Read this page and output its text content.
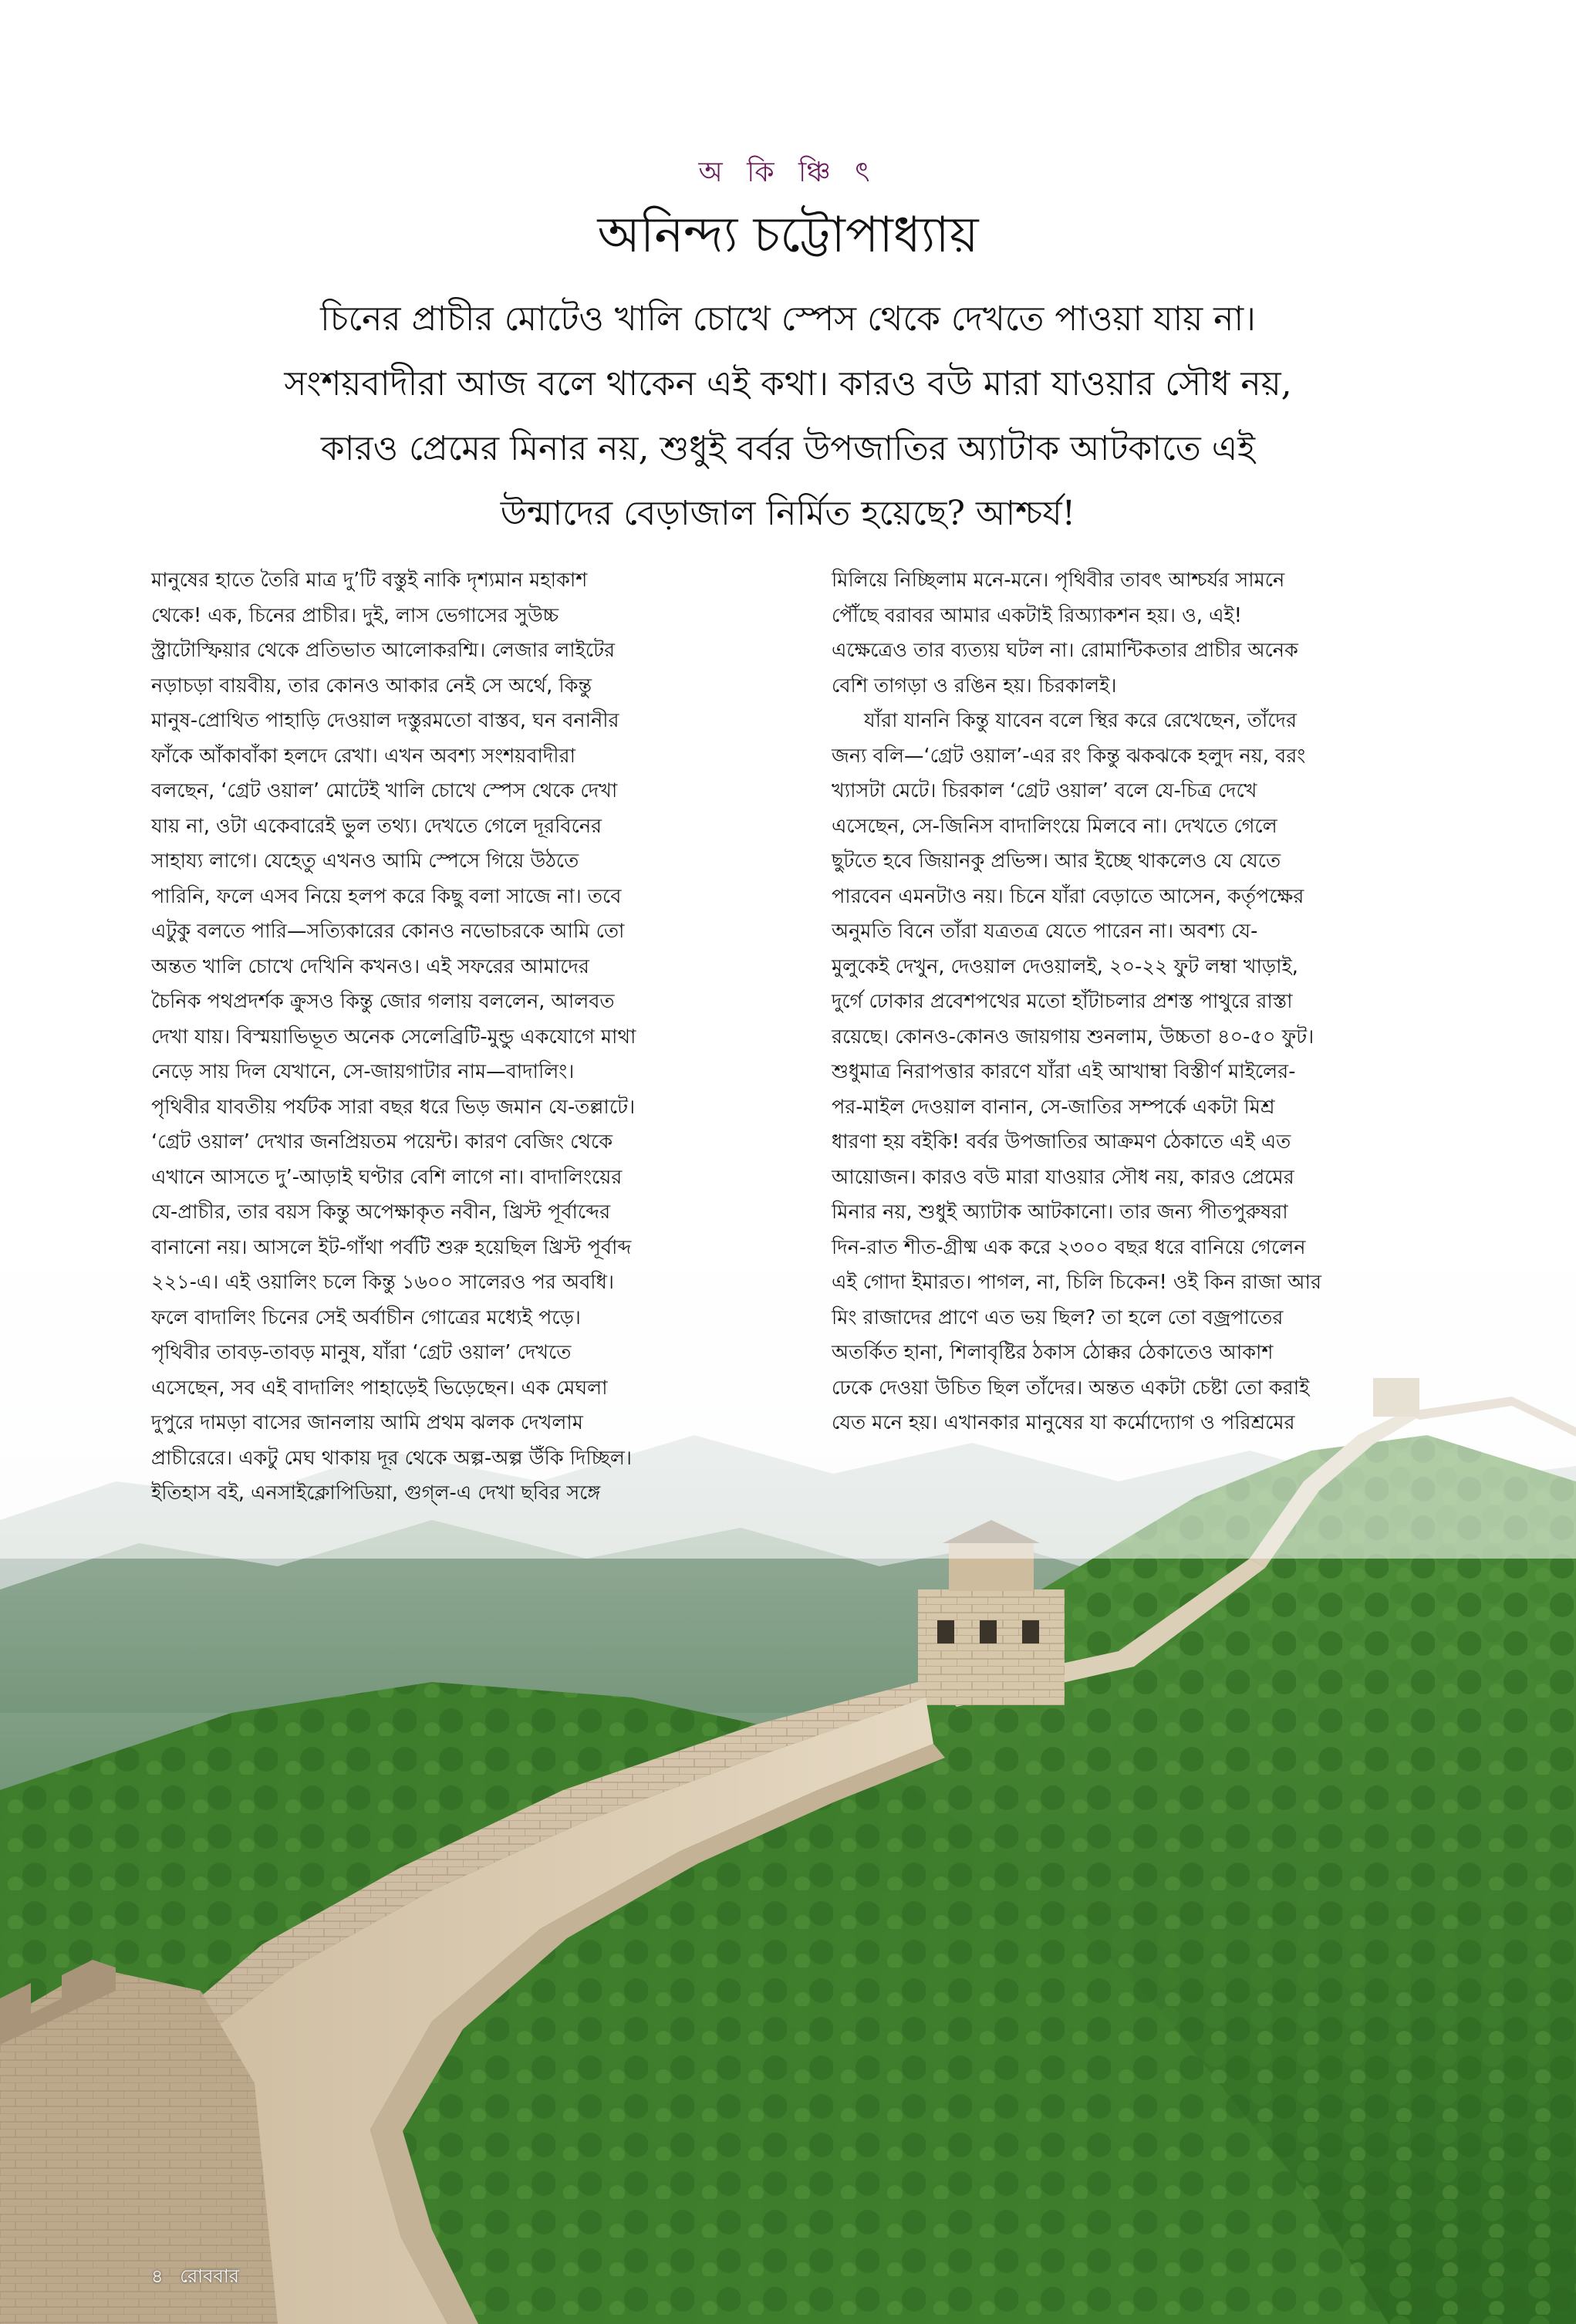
অ কি ঞ্চি ৎ
অনিন্দ্য চট্টোপাধ্যায়
চিনের প্রাচীর মোটেও খালি চোখে স্পেস থেকে দেখতে পাওয়া যায় না।
সংশয়বাদীরা আজ বলে থাকেন এই কথা। কারও বউ মারা যাওয়ার সৌধ নয়,
কারও প্রেমের মিনার নয়, শুধুই বর্বর উপজাতির অ্যাটাক আটকাতে এই
উন্মাদের বেড়াজাল নির্মিত হয়েছে? আশ্চর্য!

মানুষের হাতে তৈরি মাত্র দু’টি বস্তুই নাকি দৃশ্যমান মহাকাশ

থেকে! এক, চিনের প্রাচীর। দুই, লাস ভেগাসের সুউচ্চ

স্ট্রাটোস্ফিয়ার থেকে প্রতিভাত আলোকরশ্মি। লেজার লাইটের

নড়াচড়া বায়বীয়, তার কোনও আকার নেই সে অর্থে, কিন্তু

মানুষ-প্রোথিত পাহাড়ি দেওয়াল দস্তুরমতো বাস্তব, ঘন বনানীর

ফাঁকে আঁকাবাঁকা হলদে রেখা। এখন অবশ্য সংশয়বাদীরা

বলছেন, ‘গ্রেট ওয়াল’ মোটেই খালি চোখে স্পেস থেকে দেখা

যায় না, ওটা একেবারেই ভুল তথ্য। দেখতে গেলে দূরবিনের

সাহায্য লাগে। যেহেতু এখনও আমি স্পেসে গিয়ে উঠতে

পারিনি, ফলে এসব নিয়ে হলপ করে কিছু বলা সাজে না। তবে

এটুকু বলতে পারি—সত্যিকারের কোনও নভোচরকে আমি তো

অন্তত খালি চোখে দেখিনি কখনও। এই সফরের আমাদের

চৈনিক পথপ্রদর্শক ক্রুসও কিন্তু জোর গলায় বললেন, আলবত

দেখা যায়। বিস্ময়াভিভূত অনেক সেলেব্রিটি-মুন্ডু একযোগে মাথা

নেড়ে সায় দিল যেখানে, সে-জায়গাটার নাম—বাদালিং।

পৃথিবীর যাবতীয় পর্যটক সারা বছর ধরে ভিড় জমান যে-তল্লাটে।

‘গ্রেট ওয়াল’ দেখার জনপ্রিয়তম পয়েন্ট। কারণ বেজিং থেকে

এখানে আসতে দু’-আড়াই ঘণ্টার বেশি লাগে না। বাদালিংয়ের

যে-প্রাচীর, তার বয়স কিন্তু অপেক্ষাকৃত নবীন, খ্রিস্ট পূর্বাব্দের

বানানো নয়। আসলে ইট-গাঁথা পর্বটি শুরু হয়েছিল খ্রিস্ট পূর্বাব্দ

২২১-এ। এই ওয়ালিং চলে কিন্তু ১৬০০ সালেরও পর অবধি।

ফলে বাদালিং চিনের সেই অর্বাচীন গোত্রের মধ্যেই পড়ে।

পৃথিবীর তাবড়-তাবড় মানুষ, যাঁরা ‘গ্রেট ওয়াল’ দেখতে

এসেছেন, সব এই বাদালিং পাহাড়েই ভিড়েছেন। এক মেঘলা

দুপুরে দামড়া বাসের জানলায় আমি প্রথম ঝলক দেখলাম

প্রাচীরেরে। একটু মেঘ থাকায় দূর থেকে অল্প-অল্প উঁকি দিচ্ছিল।

ইতিহাস বই, এনসাইক্লোপিডিয়া, গুগ্‌ল-এ দেখা ছবির সঙ্গে

মিলিয়ে নিচ্ছিলাম মনে-মনে। পৃথিবীর তাবৎ আশ্চর্যর সামনে

পৌঁছে বরাবর আমার একটাই রিঅ্যাকশন হয়। ও, এই!

এক্ষেত্রেও তার ব্যত্যয় ঘটল না। রোমান্টিকতার প্রাচীর অনেক

বেশি তাগড়া ও রঙিন হয়। চিরকালই।

যাঁরা যাননি কিন্তু যাবেন বলে স্থির করে রেখেছেন, তাঁদের

জন্য বলি—‘গ্রেট ওয়াল’-এর রং কিন্তু ঝকঝকে হলুদ নয়, বরং

খ্যাসটা মেটে। চিরকাল ‘গ্রেট ওয়াল’ বলে যে-চিত্র দেখে

এসেছেন, সে-জিনিস বাদালিংয়ে মিলবে না। দেখতে গেলে

ছুটতে হবে জিয়ানকু প্রভিন্স। আর ইচ্ছে থাকলেও যে যেতে

পারবেন এমনটাও নয়। চিনে যাঁরা বেড়াতে আসেন, কর্তৃপক্ষের

অনুমতি বিনে তাঁরা যত্রতত্র যেতে পারেন না। অবশ্য যে-

মুলুকেই দেখুন, দেওয়াল দেওয়ালই, ২০-২২ ফুট লম্বা খাড়াই,

দুর্গে ঢোকার প্রবেশপথের মতো হাঁটাচলার প্রশস্ত পাথুরে রাস্তা

রয়েছে। কোনও-কোনও জায়গায় শুনলাম, উচ্চতা ৪০-৫০ ফুট।

শুধুমাত্র নিরাপত্তার কারণে যাঁরা এই আখাম্বা বিস্তীর্ণ মাইলের-

পর-মাইল দেওয়াল বানান, সে-জাতির সম্পর্কে একটা মিশ্র

ধারণা হয় বইকি! বর্বর উপজাতির আক্রমণ ঠেকাতে এই এত

আয়োজন। কারও বউ মারা যাওয়ার সৌধ নয়, কারও প্রেমের

মিনার নয়, শুধুই অ্যাটাক আটকানো। তার জন্য পীতপুরুষরা

দিন-রাত শীত-গ্রীষ্ম এক করে ২৩০০ বছর ধরে বানিয়ে গেলেন

এই গোদা ইমারত। পাগল, না, চিলি চিকেন! ওই কিন রাজা আর

মিং রাজাদের প্রাণে এত ভয় ছিল? তা হলে তো বজ্রপাতের

অতর্কিত হানা, শিলাবৃষ্টির ঠকাস ঠোক্কর ঠেকাতেও আকাশ

ঢেকে দেওয়া উচিত ছিল তাঁদের। অন্তত একটা চেষ্টা তো করাই

যেত মনে হয়। এখানকার মানুষের যা কর্মোদ্যোগ ও পরিশ্রমের

৪ রোববার
